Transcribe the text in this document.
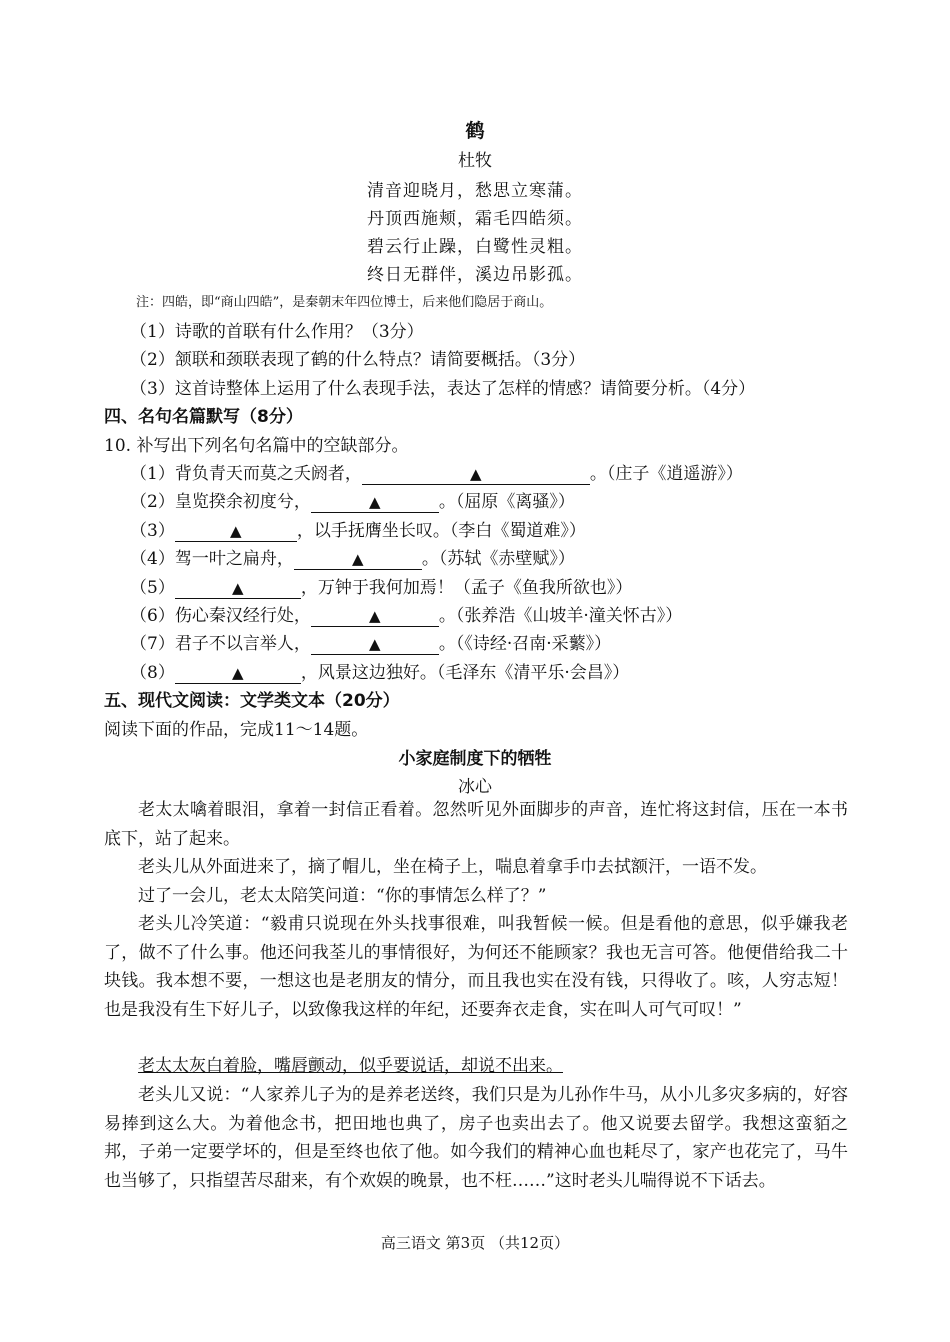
鹤
杜牧
清音迎晓月，愁思立寒蒲。
丹顶西施颊，霜毛四皓须。
碧云行止躁，白鹭性灵粗。
终日无群伴，溪边吊影孤。
注：四皓，即“商山四皓”，是秦朝末年四位博士，后来他们隐居于商山。
（1）诗歌的首联有什么作用？（3分）
（2）颔联和颈联表现了鹤的什么特点？请简要概括。（3分）
（3）这首诗整体上运用了什么表现手法，表达了怎样的情感？请简要分析。（4分）
四、名句名篇默写（8分）
10. 补写出下列名句名篇中的空缺部分。
（1）背负青天而莫之夭阏者，	▲	。（庄子《逍遥游》）
（2）皇览揆余初度兮，	▲	。（屈原《离骚》）
（3）	▲	，以手抚膺坐长叹。（李白《蜀道难》）
（4）驾一叶之扁舟，	▲	。（苏轼《赤壁赋》）
（5）	▲	，万钟于我何加焉！（孟子《鱼我所欲也》）
（6）伤心秦汉经行处，	▲	。（张养浩《山坡羊·潼关怀古》）
（7）君子不以言举人，	▲	。（《诗经·召南·采蘩》）
（8）	▲	，风景这边独好。（毛泽东《清平乐·会昌》）
五、现代文阅读：文学类文本（20分）
阅读下面的作品，完成11～14题。
小家庭制度下的牺牲
冰心
老太太噙着眼泪，拿着一封信正看着。忽然听见外面脚步的声音，连忙将这封信，压在一本书底下，站了起来。
老头儿从外面进来了，摘了帽儿，坐在椅子上，喘息着拿手巾去拭额汗，一语不发。
过了一会儿，老太太陪笑问道：“你的事情怎么样了？”
老头儿冷笑道：“毅甫只说现在外头找事很难，叫我暂候一候。但是看他的意思，似乎嫌我老了，做不了什么事。他还问我荃儿的事情很好，为何还不能顾家？我也无言可答。他便借给我二十块钱。我本想不要，一想这也是老朋友的情分，而且我也实在没有钱，只得收了。咳，人穷志短！也是我没有生下好儿子，以致像我这样的年纪，还要奔衣走食，实在叫人可气可叹！”
老太太灰白着脸，嘴唇颤动，似乎要说话，却说不出来。
老头儿又说：“人家养儿子为的是养老送终，我们只是为儿孙作牛马，从小儿多灾多病的，好容易捧到这么大。为着他念书，把田地也典了，房子也卖出去了。他又说要去留学。我想这蛮貊之邦，子弟一定要学坏的，但是至终也依了他。如今我们的精神心血也耗尽了，家产也花完了，马牛也当够了，只指望苦尽甜来，有个欢娱的晚景，也不枉……”这时老头儿喘得说不下话去。
高三语文 第3页 （共12页）
